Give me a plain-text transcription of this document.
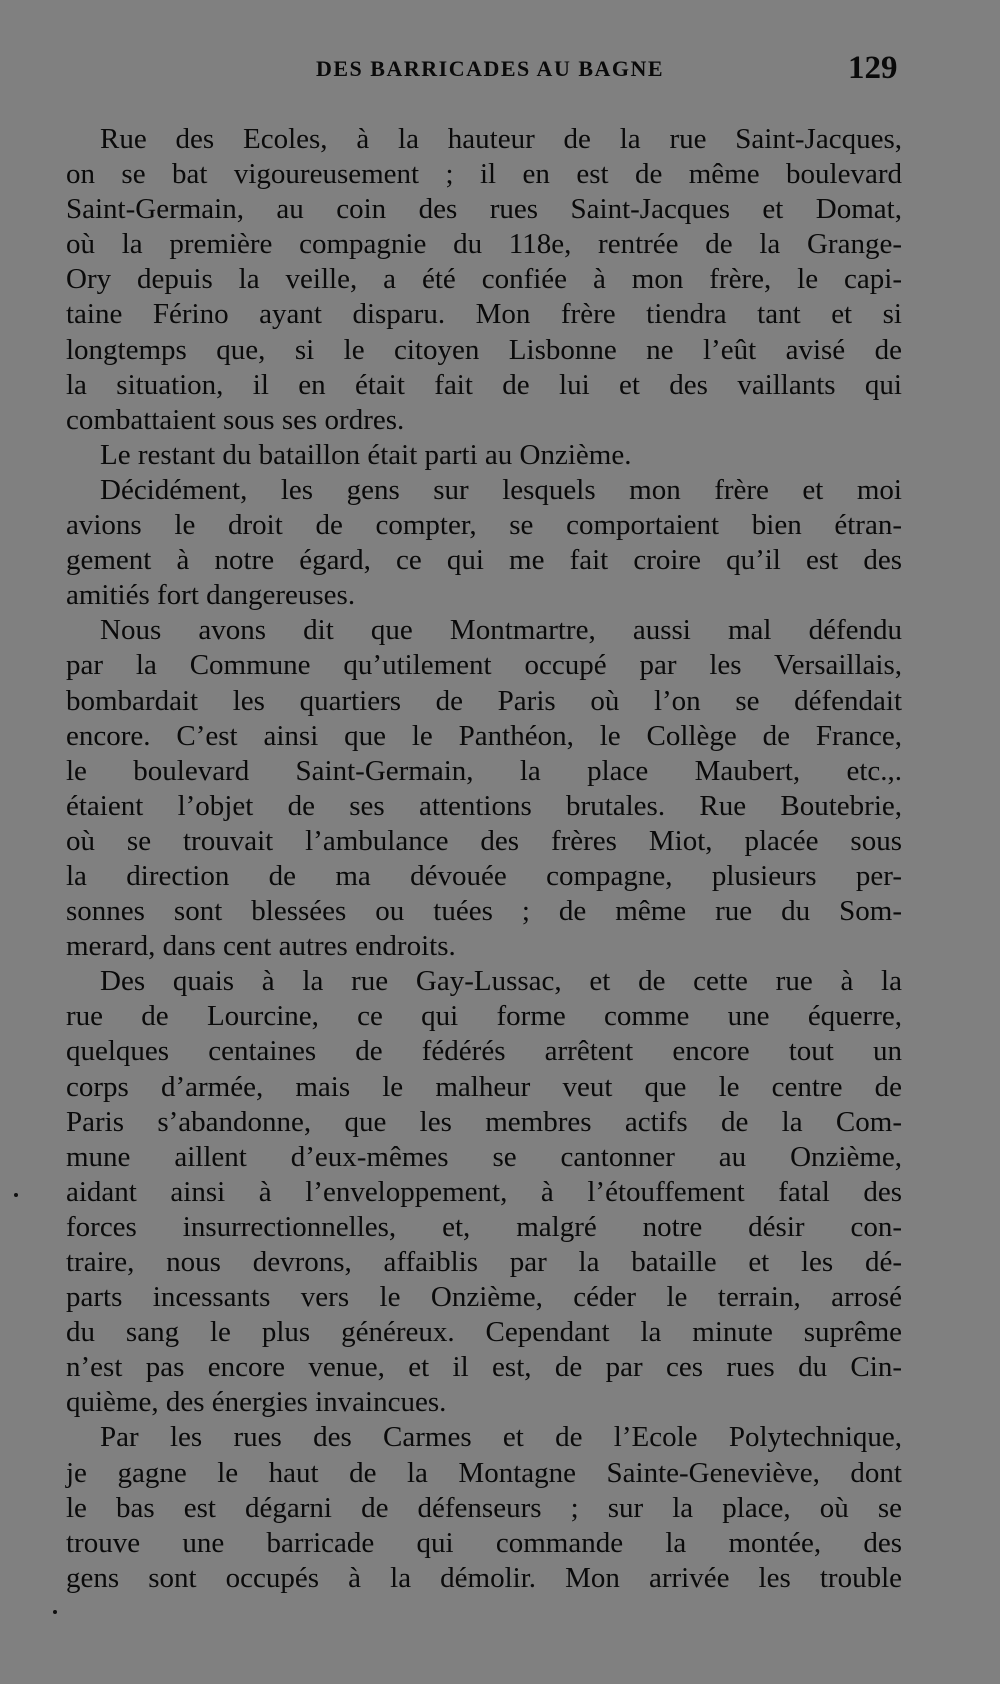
DES BARRICADES AU BAGNE	129
Rue des Ecoles, à la hauteur de la rue Saint-Jacques,
on se bat vigoureusement ; il en est de même boulevard
Saint-Germain, au coin des rues Saint-Jacques et Domat,
où la première compagnie du 118e, rentrée de la Grange-
Ory depuis la veille, a été confiée à mon frère, le capi-
taine Férino ayant disparu. Mon frère tiendra tant et si
longtemps que, si le citoyen Lisbonne ne l’eût avisé de
la situation, il en était fait de lui et des vaillants qui
combattaient sous ses ordres.
Le restant du bataillon était parti au Onzième.
Décidément, les gens sur lesquels mon frère et moi
avions le droit de compter, se comportaient bien étran-
gement à notre égard, ce qui me fait croire qu’il est des
amitiés fort dangereuses.
Nous avons dit que Montmartre, aussi mal défendu
par la Commune qu’utilement occupé par les Versaillais,
bombardait les quartiers de Paris où l’on se défendait
encore. C’est ainsi que le Panthéon, le Collège de France,
le boulevard Saint-Germain, la place Maubert, etc.,.
étaient l’objet de ses attentions brutales. Rue Boutebrie,
où se trouvait l’ambulance des frères Miot, placée sous
la direction de ma dévouée compagne, plusieurs per-
sonnes sont blessées ou tuées ; de même rue du Som-
merard, dans cent autres endroits.
Des quais à la rue Gay-Lussac, et de cette rue à la
rue de Lourcine, ce qui forme comme une équerre,
quelques centaines de fédérés arrêtent encore tout un
corps d’armée, mais le malheur veut que le centre de
Paris s’abandonne, que les membres actifs de la Com-
mune aillent d’eux-mêmes se cantonner au Onzième,
aidant ainsi à l’enveloppement, à l’étouffement fatal des
forces insurrectionnelles, et, malgré notre désir con-
traire, nous devrons, affaiblis par la bataille et les dé-
parts incessants vers le Onzième, céder le terrain, arrosé
du sang le plus généreux. Cependant la minute suprême
n’est pas encore venue, et il est, de par ces rues du Cin-
quième, des énergies invaincues.
Par les rues des Carmes et de l’Ecole Polytechnique,
je gagne le haut de la Montagne Sainte-Geneviève, dont
le bas est dégarni de défenseurs ; sur la place, où se
trouve une barricade qui commande la montée, des
gens sont occupés à la démolir. Mon arrivée les trouble
